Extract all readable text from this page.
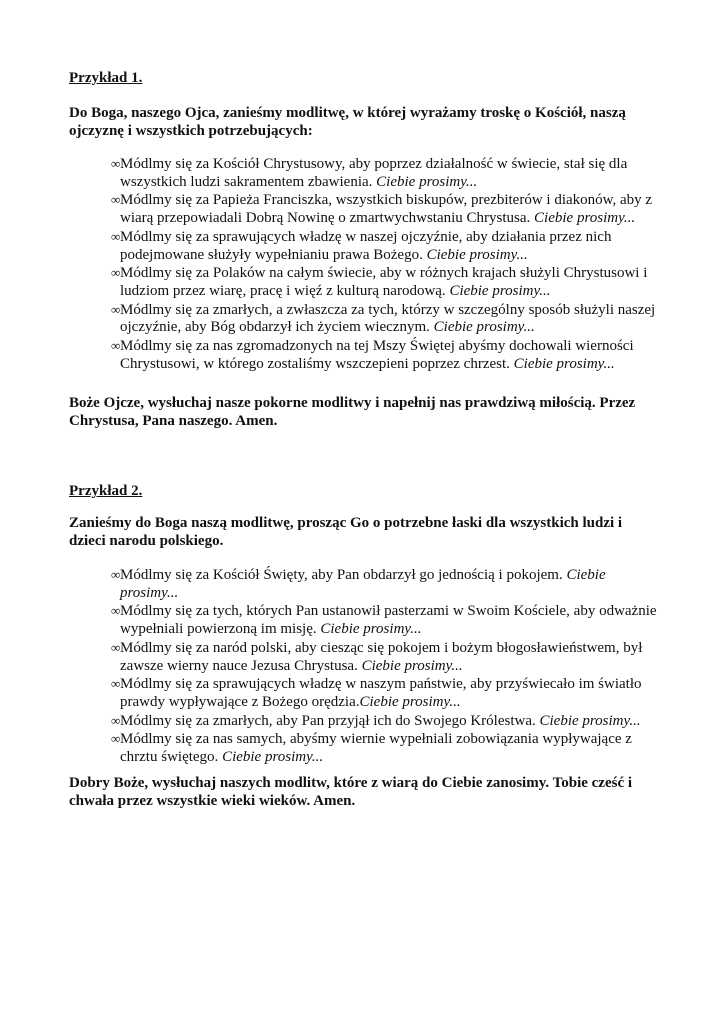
Przykład 1.
Do Boga, naszego Ojca, zanieśmy modlitwę, w której wyrażamy troskę o Kościół, naszą ojczyznę i wszystkich potrzebujących:
∞Módlmy się za Kościół Chrystusowy, aby poprzez działalność w świecie, stał się dla wszystkich ludzi sakramentem zbawienia. Ciebie prosimy...
∞Módlmy się za Papieża Franciszka, wszystkich biskupów, prezbiterów i diakonów, aby z wiarą przepowiadali Dobrą Nowinę o zmartwychwstaniu Chrystusa. Ciebie prosimy...
∞Módlmy się za sprawujących władzę w naszej ojczyźnie, aby działania przez nich podejmowane służyły wypełnianiu prawa Bożego. Ciebie prosimy...
∞Módlmy się za Polaków na całym świecie, aby w różnych krajach służyli Chrystusowi i ludziom przez wiarę, pracę i więź z kulturą narodową. Ciebie prosimy...
∞Módlmy się za zmarłych, a zwłaszcza za tych, którzy w szczególny sposób służyli naszej ojczyźnie, aby Bóg obdarzył ich życiem wiecznym. Ciebie prosimy...
∞Módlmy się za nas zgromadzonych na tej Mszy Świętej abyśmy dochowali wierności Chrystusowi, w którego zostaliśmy wszczepieni poprzez chrzest. Ciebie prosimy...
Boże Ojcze, wysłuchaj nasze pokorne modlitwy i napełnij nas prawdziwą miłością. Przez Chrystusa, Pana naszego. Amen.
Przykład 2.
Zanieśmy do Boga naszą modlitwę, prosząc Go o potrzebne łaski dla wszystkich ludzi i dzieci narodu polskiego.
∞Módlmy się za Kościół Święty, aby Pan obdarzył go jednością i pokojem. Ciebie prosimy...
∞Módlmy się za tych, których Pan ustanowił pasterzami w Swoim Kościele, aby odważnie wypełniali powierzoną im misję. Ciebie prosimy...
∞Módlmy się za naród polski, aby ciesząc się pokojem i bożym błogosławieństwem, był zawsze wierny nauce Jezusa Chrystusa. Ciebie prosimy...
∞Módlmy się za sprawujących władzę w naszym państwie, aby przyświecało im światło prawdy wypływające z Bożego orędzia.Ciebie prosimy...
∞Módlmy się za zmarłych, aby Pan przyjął ich do Swojego Królestwa. Ciebie prosimy...
∞Módlmy się za nas samych, abyśmy wiernie wypełniali zobowiązania wypływające z chrztu świętego. Ciebie prosimy...
Dobry Boże, wysłuchaj naszych modlitw, które z wiarą do Ciebie zanosimy. Tobie cześć i chwała przez wszystkie wieki wieków. Amen.
